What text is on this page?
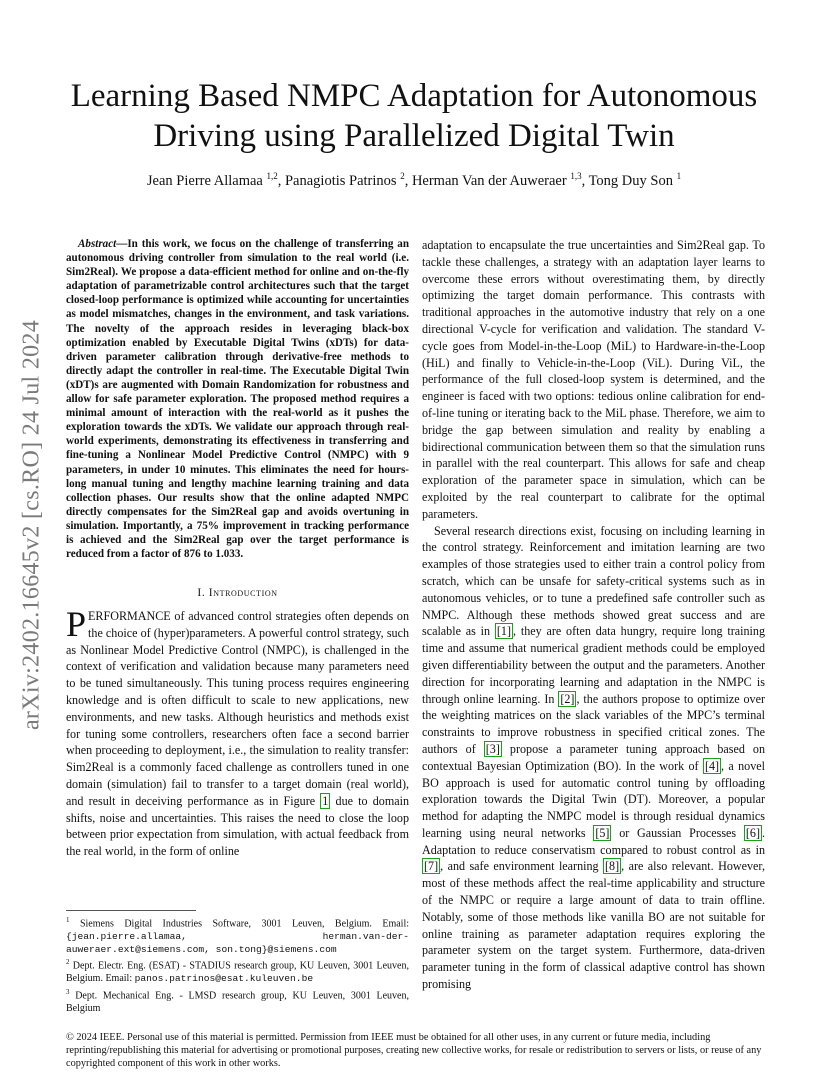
arXiv:2402.16645v2 [cs.RO] 24 Jul 2024
Learning Based NMPC Adaptation for Autonomous Driving using Parallelized Digital Twin
Jean Pierre Allamaa $^{1,2}$, Panagiotis Patrinos $^2$, Herman Van der Auweraer $^{1,3}$, Tong Duy Son $^1$

Abstract—In this work, we focus on the challenge of transferring an autonomous driving controller from simulation to the real world (i.e. Sim2Real). We propose a data-efficient method for online and on-the-fly adaptation of parametrizable control architectures such that the target closed-loop performance is optimized while accounting for uncertainties as model mismatches, changes in the environment, and task variations. The novelty of the approach resides in leveraging black-box optimization enabled by Executable Digital Twins (xDTs) for data-driven parameter calibration through derivative-free methods to directly adapt the controller in real-time. The Executable Digital Twin (xDT)s are augmented with Domain Randomization for robustness and allow for safe parameter exploration. The proposed method requires a minimal amount of interaction with the real-world as it pushes the exploration towards the xDTs. We validate our approach through real-world experiments, demonstrating its effectiveness in transferring and fine-tuning a Nonlinear Model Predictive Control (NMPC) with 9 parameters, in under 10 minutes. This eliminates the need for hours-long manual tuning and lengthy machine learning training and data collection phases. Our results show that the online adapted NMPC directly compensates for the Sim2Real gap and avoids overtuning in simulation. Importantly, a 75% improvement in tracking performance is achieved and the Sim2Real gap over the target performance is reduced from a factor of 876 to 1.033.

I. Introduction

PERFORMANCE of advanced control strategies often depends on the choice of (hyper)parameters. A powerful control strategy, such as Nonlinear Model Predictive Control (NMPC), is challenged in the context of verification and validation because many parameters need to be tuned simultaneously. This tuning process requires engineering knowledge and is often difficult to scale to new applications, new environments, and new tasks. Although heuristics and methods exist for tuning some controllers, researchers often face a second barrier when proceeding to deployment, i.e., the simulation to reality transfer: Sim2Real is a commonly faced challenge as controllers tuned in one domain (simulation) fail to transfer to a target domain (real world), and result in deceiving performance as in Figure 1 due to domain shifts, noise and uncertainties. This raises the need to close the loop between prior expectation from simulation, with actual feedback from the real world, in the form of online

$^1$ Siemens Digital Industries Software, 3001 Leuven, Belgium. Email: {jean.pierre.allamaa, herman.van-der-auweraer.ext@siemens.com, son.tong}@siemens.com

$^2$ Dept. Electr. Eng. (ESAT) - STADIUS research group, KU Leuven, 3001 Leuven, Belgium. Email: panos.patrinos@esat.kuleuven.be

$^3$ Dept. Mechanical Eng. - LMSD research group, KU Leuven, 3001 Leuven, Belgium

adaptation to encapsulate the true uncertainties and Sim2Real gap. To tackle these challenges, a strategy with an adaptation layer learns to overcome these errors without overestimating them, by directly optimizing the target domain performance. This contrasts with traditional approaches in the automotive industry that rely on a one directional V-cycle for verification and validation. The standard V-cycle goes from Model-in-the-Loop (MiL) to Hardware-in-the-Loop (HiL) and finally to Vehicle-in-the-Loop (ViL). During ViL, the performance of the full closed-loop system is determined, and the engineer is faced with two options: tedious online calibration for end-of-line tuning or iterating back to the MiL phase. Therefore, we aim to bridge the gap between simulation and reality by enabling a bidirectional communication between them so that the simulation runs in parallel with the real counterpart. This allows for safe and cheap exploration of the parameter space in simulation, which can be exploited by the real counterpart to calibrate for the optimal parameters.

Several research directions exist, focusing on including learning in the control strategy. Reinforcement and imitation learning are two examples of those strategies used to either train a control policy from scratch, which can be unsafe for safety-critical systems such as in autonomous vehicles, or to tune a predefined safe controller such as NMPC. Although these methods showed great success and are scalable as in [1] , they are often data hungry, require long training time and assume that numerical gradient methods could be employed given differentiability between the output and the parameters. Another direction for incorporating learning and adaptation in the NMPC is through online learning. In [2] , the authors propose to optimize over the weighting matrices on the slack variables of the MPC’s terminal constraints to improve robustness in specified critical zones. The authors of [3] propose a parameter tuning approach based on contextual Bayesian Optimization (BO). In the work of [4] , a novel BO approach is used for automatic control tuning by offloading exploration towards the Digital Twin (DT). Moreover, a popular method for adapting the NMPC model is through residual dynamics learning using neural networks [5] or Gaussian Processes [6] . Adaptation to reduce conservatism compared to robust control as in [7] , and safe environment learning [8] , are also relevant. However, most of these methods affect the real-time applicability and structure of the NMPC or require a large amount of data to train offline. Notably, some of those methods like vanilla BO are not suitable for online training as parameter adaptation requires exploring the parameter system on the target system. Furthermore, data-driven parameter tuning in the form of classical adaptive control has shown promising

© 2024 IEEE. Personal use of this material is permitted. Permission from IEEE must be obtained for all other uses, in any current or future media, including reprinting/republishing this material for advertising or promotional purposes, creating new collective works, for resale or redistribution to servers or lists, or reuse of any copyrighted component of this work in other works.
